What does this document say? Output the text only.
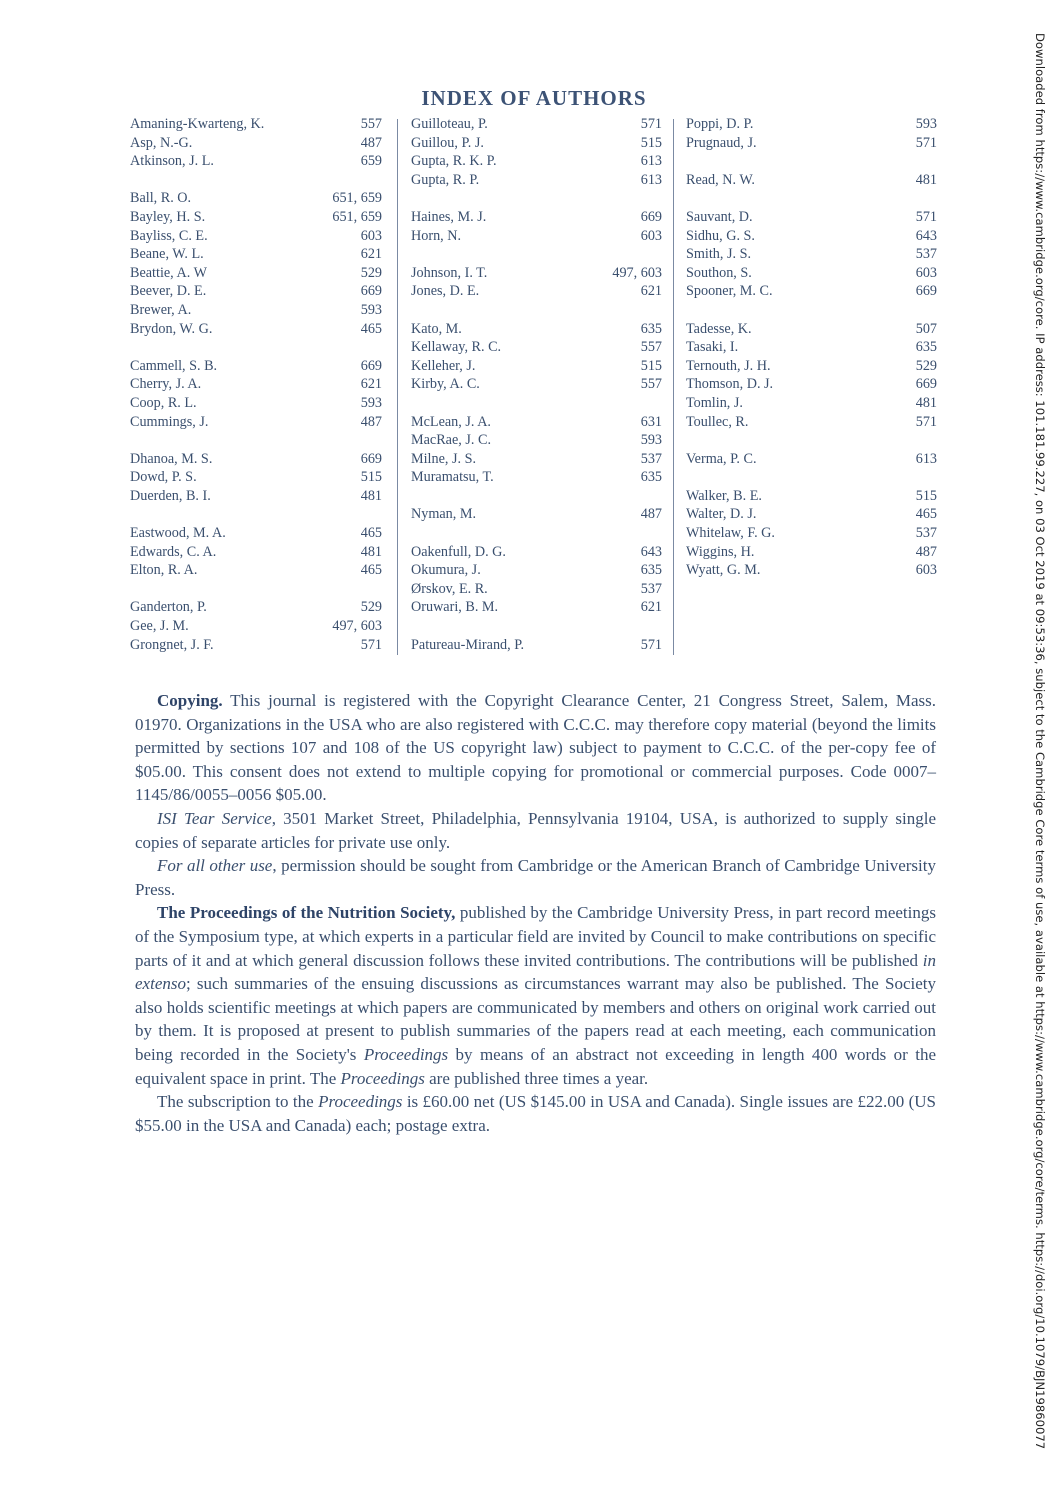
INDEX OF AUTHORS
Amaning-Kwarteng, K.	557
Asp, N.-G.	487
Atkinson, J. L.	659
Ball, R. O.	651, 659
Bayley, H. S.	651, 659
Bayliss, C. E.	603
Beane, W. L.	621
Beattie, A. W	529
Beever, D. E.	669
Brewer, A.	593
Brydon, W. G.	465
Cammell, S. B.	669
Cherry, J. A.	621
Coop, R. L.	593
Cummings, J.	487
Dhanoa, M. S.	669
Dowd, P. S.	515
Duerden, B. I.	481
Eastwood, M. A.	465
Edwards, C. A.	481
Elton, R. A.	465
Ganderton, P.	529
Gee, J. M.	497, 603
Grongnet, J. F.	571
Guilloteau, P.	571
Guillou, P. J.	515
Gupta, R. K. P.	613
Gupta, R. P.	613
Haines, M. J.	669
Horn, N.	603
Johnson, I. T.	497, 603
Jones, D. E.	621
Kato, M.	635
Kellaway, R. C.	557
Kelleher, J.	515
Kirby, A. C.	557
McLean, J. A.	631
MacRae, J. C.	593
Milne, J. S.	537
Muramatsu, T.	635
Nyman, M.	487
Oakenfull, D. G.	643
Okumura, J.	635
Ørskov, E. R.	537
Oruwari, B. M.	621
Patureau-Mirand, P.	571
Poppi, D. P.	593
Prugnaud, J.	571
Read, N. W.	481
Sauvant, D.	571
Sidhu, G. S.	643
Smith, J. S.	537
Southon, S.	603
Spooner, M. C.	669
Tadesse, K.	507
Tasaki, I.	635
Ternouth, J. H.	529
Thomson, D. J.	669
Tomlin, J.	481
Toullec, R.	571
Verma, P. C.	613
Walker, B. E.	515
Walter, D. J.	465
Whitelaw, F. G.	537
Wiggins, H.	487
Wyatt, G. M.	603

Copying. This journal is registered with the Copyright Clearance Center, 21 Congress Street, Salem, Mass. 01970. Organizations in the USA who are also registered with C.C.C. may therefore copy material (beyond the limits permitted by sections 107 and 108 of the US copyright law) subject to payment to C.C.C. of the per-copy fee of $05.00. This consent does not extend to multiple copying for promotional or commercial purposes. Code 0007–1145/86/0055–0056 $05.00.

ISI Tear Service, 3501 Market Street, Philadelphia, Pennsylvania 19104, USA, is authorized to supply single copies of separate articles for private use only.

For all other use, permission should be sought from Cambridge or the American Branch of Cambridge University Press.

The Proceedings of the Nutrition Society, published by the Cambridge University Press, in part record meetings of the Symposium type, at which experts in a particular field are invited by Council to make contributions on specific parts of it and at which general discussion follows these invited contributions. The contributions will be published in extenso; such summaries of the ensuing discussions as circumstances warrant may also be published. The Society also holds scientific meetings at which papers are communicated by members and others on original work carried out by them. It is proposed at present to publish summaries of the papers read at each meeting, each communication being recorded in the Society's Proceedings by means of an abstract not exceeding in length 400 words or the equivalent space in print. The Proceedings are published three times a year.

The subscription to the Proceedings is £60.00 net (US $145.00 in USA and Canada). Single issues are £22.00 (US $55.00 in the USA and Canada) each; postage extra.	Downloaded from https://www.cambridge.org/core. IP address: 101.181.99.227, on 03 Oct 2019 at 09:53:36, subject to the Cambridge Core terms of use, available at https://www.cambridge.org/core/terms. https://doi.org/10.1079/BJN19860077
